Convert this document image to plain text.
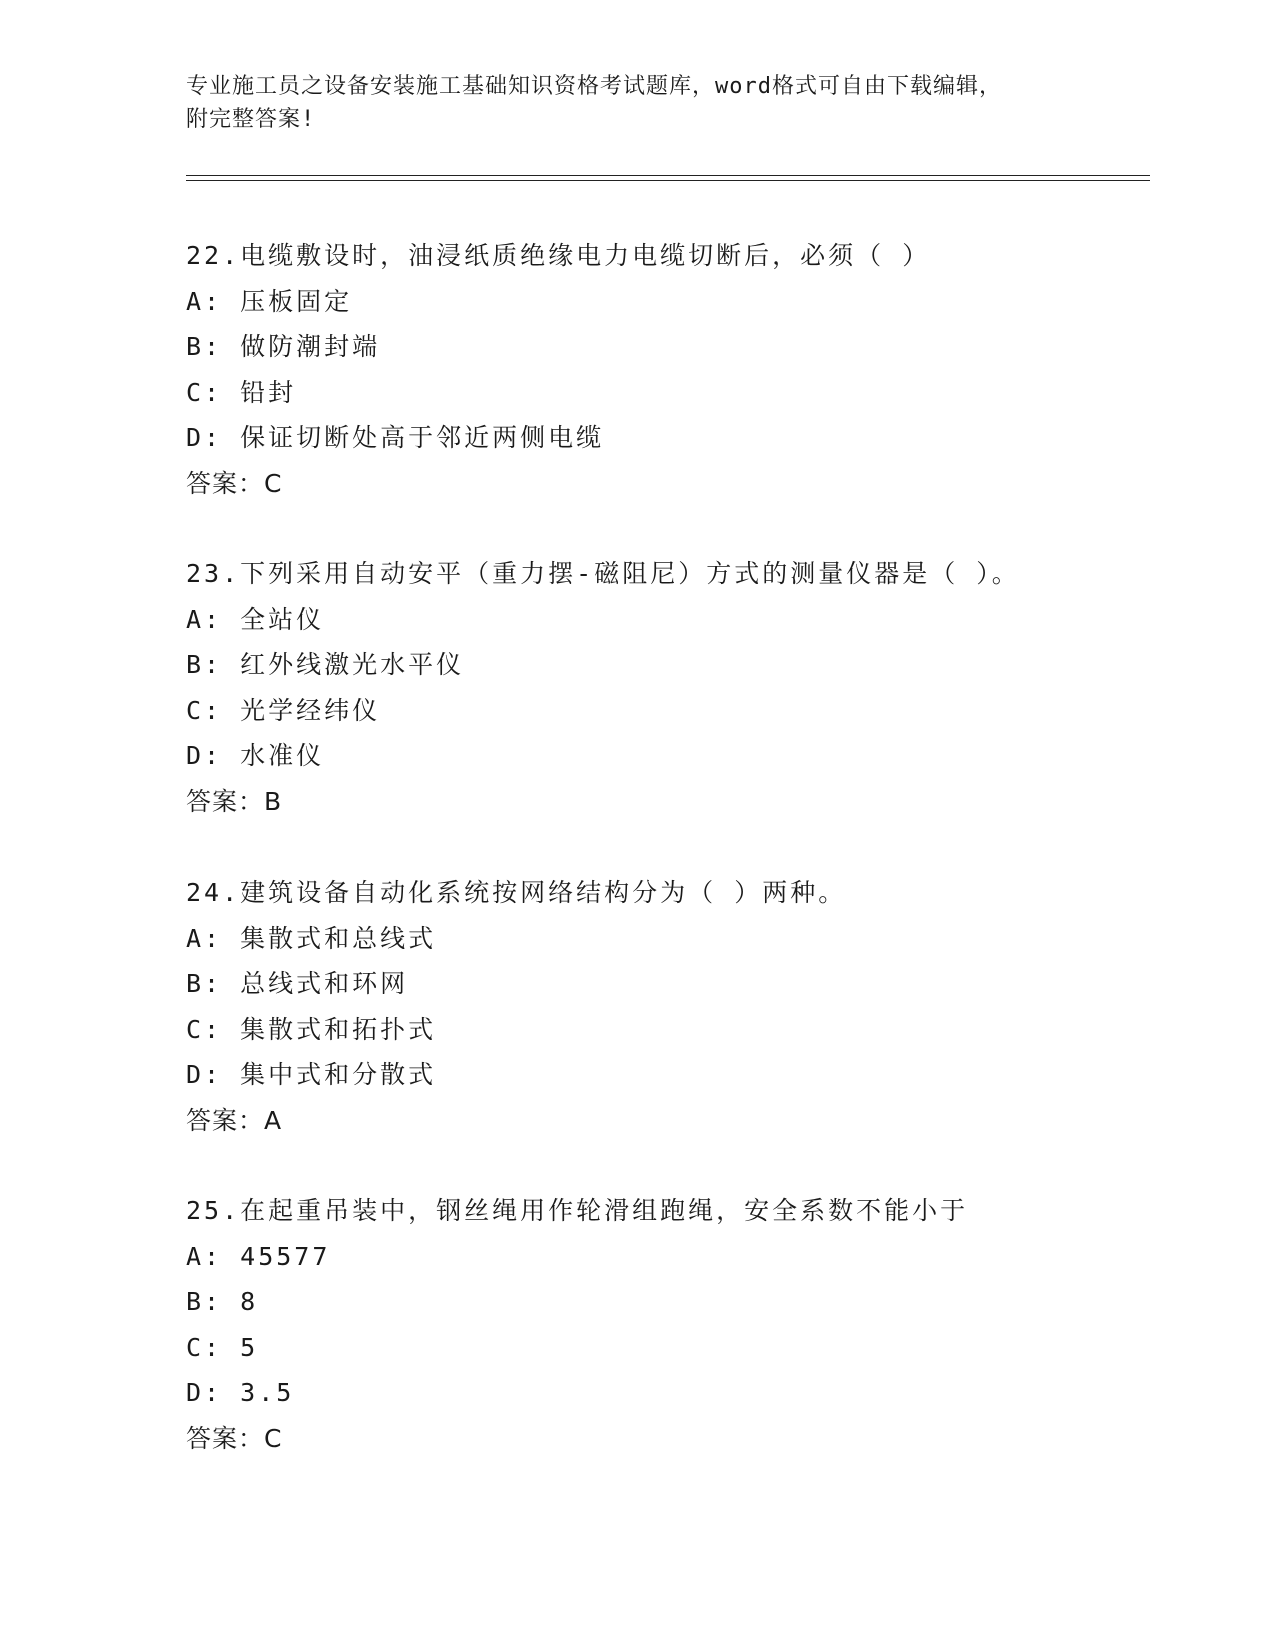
专业施工员之设备安装施工基础知识资格考试题库，word格式可自由下载编辑，
附完整答案!
22.电缆敷设时，油浸纸质绝缘电力电缆切断后，必须（ ）
A: 压板固定
B: 做防潮封端
C: 铅封
D: 保证切断处高于邻近两侧电缆
答案：C
23.下列采用自动安平（重力摆-磁阻尼）方式的测量仪器是（ ）。
A: 全站仪
B: 红外线激光水平仪
C: 光学经纬仪
D: 水准仪
答案：B
24.建筑设备自动化系统按网络结构分为（ ）两种。
A: 集散式和总线式
B: 总线式和环网
C: 集散式和拓扑式
D: 集中式和分散式
答案：A
25.在起重吊装中，钢丝绳用作轮滑组跑绳，安全系数不能小于
A: 45577
B: 8
C: 5
D: 3.5
答案：C
